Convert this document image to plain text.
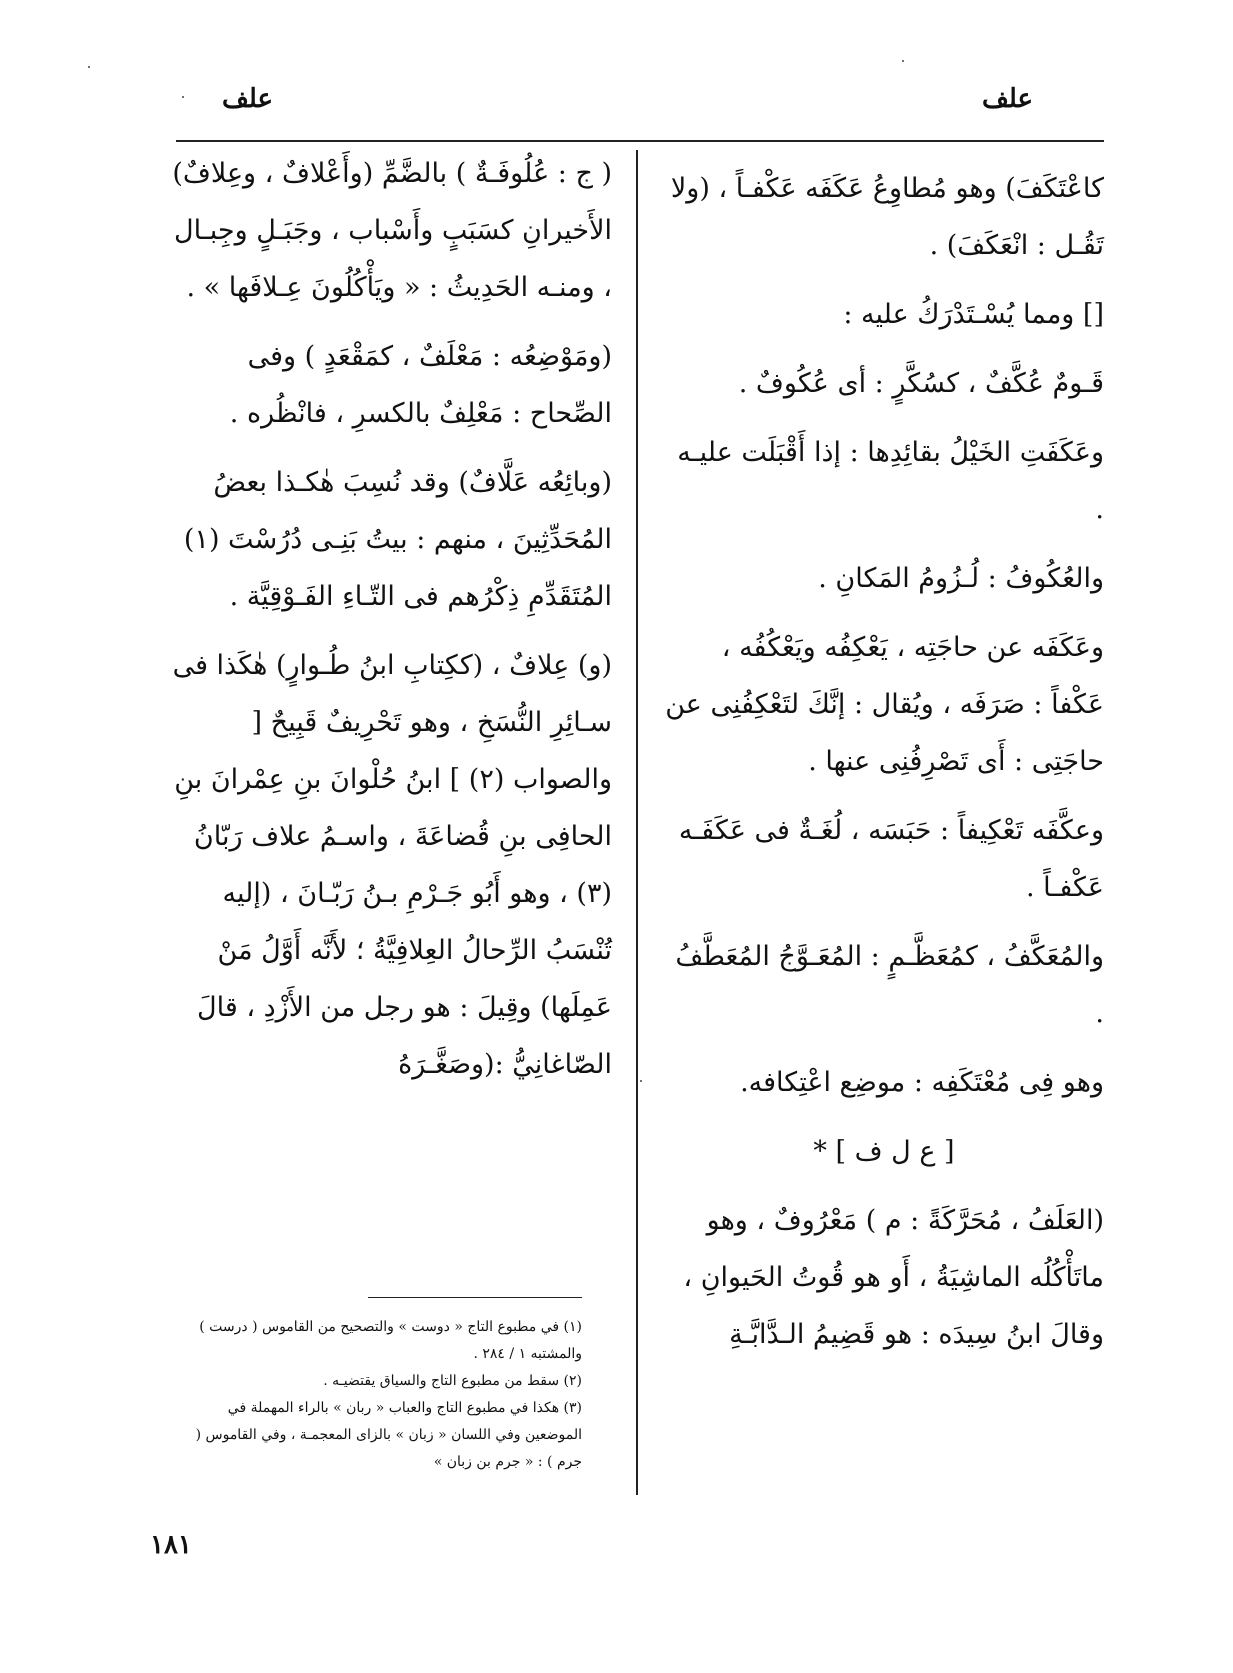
علف
علف

كاعْتَكَفَ) وهو مُطاوِعُ عَكَفَه عَكْفـاً ، (ولا تَقُـل : انْعَكَفَ) .

[] ومما يُسْـتَدْرَكُ عليه :

قَـومٌ عُكَّفٌ ، كسُكَّرٍ : أى عُكُوفٌ .

وعَكَفَتِ الخَيْلُ بقائِدِها : إذا أَقْبَلَت عليـه .

والعُكُوفُ : لُـزُومُ المَكانِ .

وعَكَفَه عن حاجَتِه ، يَعْكِفُه ويَعْكُفُه ، عَكْفاً : صَرَفَه ، ويُقال : إنَّكَ لتَعْكِفُنِى عن حاجَتِى : أَى تَصْرِفُنِى عنها .

وعكَّفَه تَعْكِيفاً : حَبَسَه ، لُغَـةٌ فى عَكَفَـه عَكْفـاً .

والمُعَكَّفُ ، كمُعَظَّـمٍ : المُعَـوَّجُ المُعَطَّفُ .

وهو فِى مُعْتَكَفِه : موضِع اعْتِكافه.

[ ع ل ف ] *

(العَلَفُ ، مُحَرَّكَةً : م ) مَعْرُوفٌ ، وهو ماتَأْكُلُه الماشِيَةُ ، أَو هو قُوتُ الحَيوانِ ، وقالَ ابنُ سِيدَه : هو قَضِيمُ الـدَّابَّـةِ

( ج : عُلُوفَـةٌ ) بالضَّمِّ (وأَعْلافٌ ، وعِلافٌ) الأَخيرانِ كسَبَبٍ وأَسْباب ، وجَبَـلٍ وجِبـال ، ومنـه الحَدِيثُ : « ويَأْكُلُونَ عِـلافَها » .

(ومَوْضِعُه : مَعْلَفٌ ، كمَقْعَدٍ ) وفى الصِّحاح : مَعْلِفٌ بالكسرِ ، فانْظُره .

(وبائِعُه عَلَّافٌ) وقد نُسِبَ هٰكـذا بعضُ المُحَدِّثِينَ ، منهم : بيتُ بَنِـى دُرُسْتَ (١) المُتَقَدِّمِ ذِكْرُهم فى التّـاءِ الفَـوْقِيَّة .

(و) عِلافٌ ، (ككِتابِ ابنُ طُـوارٍ) هٰكَذا فى سـائِرِ النُّسَخِ ، وهو تَحْرِيفٌ قَبِيحٌ [ والصواب (٢) ] ابنُ حُلْوانَ بنِ عِمْرانَ بنِ الحافِى بنِ قُضاعَةَ ، واسـمُ علاف رَبّانُ (٣) ، وهو أَبُو جَـرْمِ بـنُ رَبّـانَ ، (إليه تُنْسَبُ الرِّحالُ العِلافِيَّةُ ؛ لأَنَّه أَوَّلُ مَنْ عَمِلَها) وقِيلَ : هو رجل من الأَزْدِ ، قالَ الصّاغانِيُّ :(وصَغَّـرَهُ

(١) في مطبوع التاج « دوست » والتصحيح من القاموس ( درست ) والمشتبه ١ / ٢٨٤ .

(٢) سقط من مطبوع التاج والسياق يقتضيـه .

(٣) هكذا في مطبوع التاج والعباب « ربان » بالراء المهملة في الموضعين وفي اللسان « زبان » بالزاى المعجمـة ، وفي القاموس ( جرم ) : « جرم بن زبان »

١٨١
